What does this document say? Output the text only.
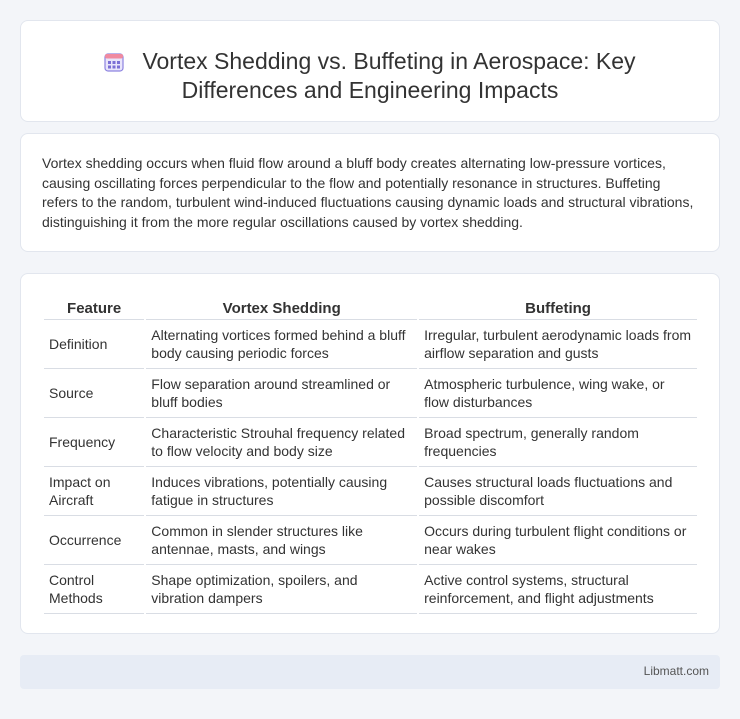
Vortex Shedding vs. Buffeting in Aerospace: Key Differences and Engineering Impacts

Vortex shedding occurs when fluid flow around a bluff body creates alternating low-pressure vortices, causing oscillating forces perpendicular to the flow and potentially resonance in structures. Buffeting refers to the random, turbulent wind-induced fluctuations causing dynamic loads and structural vibrations, distinguishing it from the more regular oscillations caused by vortex shedding.

Feature	Vortex Shedding	Buffeting
Definition	Alternating vortices formed behind a bluff body causing periodic forces	Irregular, turbulent aerodynamic loads from airflow separation and gusts
Source	Flow separation around streamlined or bluff bodies	Atmospheric turbulence, wing wake, or flow disturbances
Frequency	Characteristic Strouhal frequency related to flow velocity and body size	Broad spectrum, generally random frequencies
Impact on Aircraft	Induces vibrations, potentially causing fatigue in structures	Causes structural loads fluctuations and possible discomfort
Occurrence	Common in slender structures like antennae, masts, and wings	Occurs during turbulent flight conditions or near wakes
Control Methods	Shape optimization, spoilers, and vibration dampers	Active control systems, structural reinforcement, and flight adjustments
Libmatt.com
